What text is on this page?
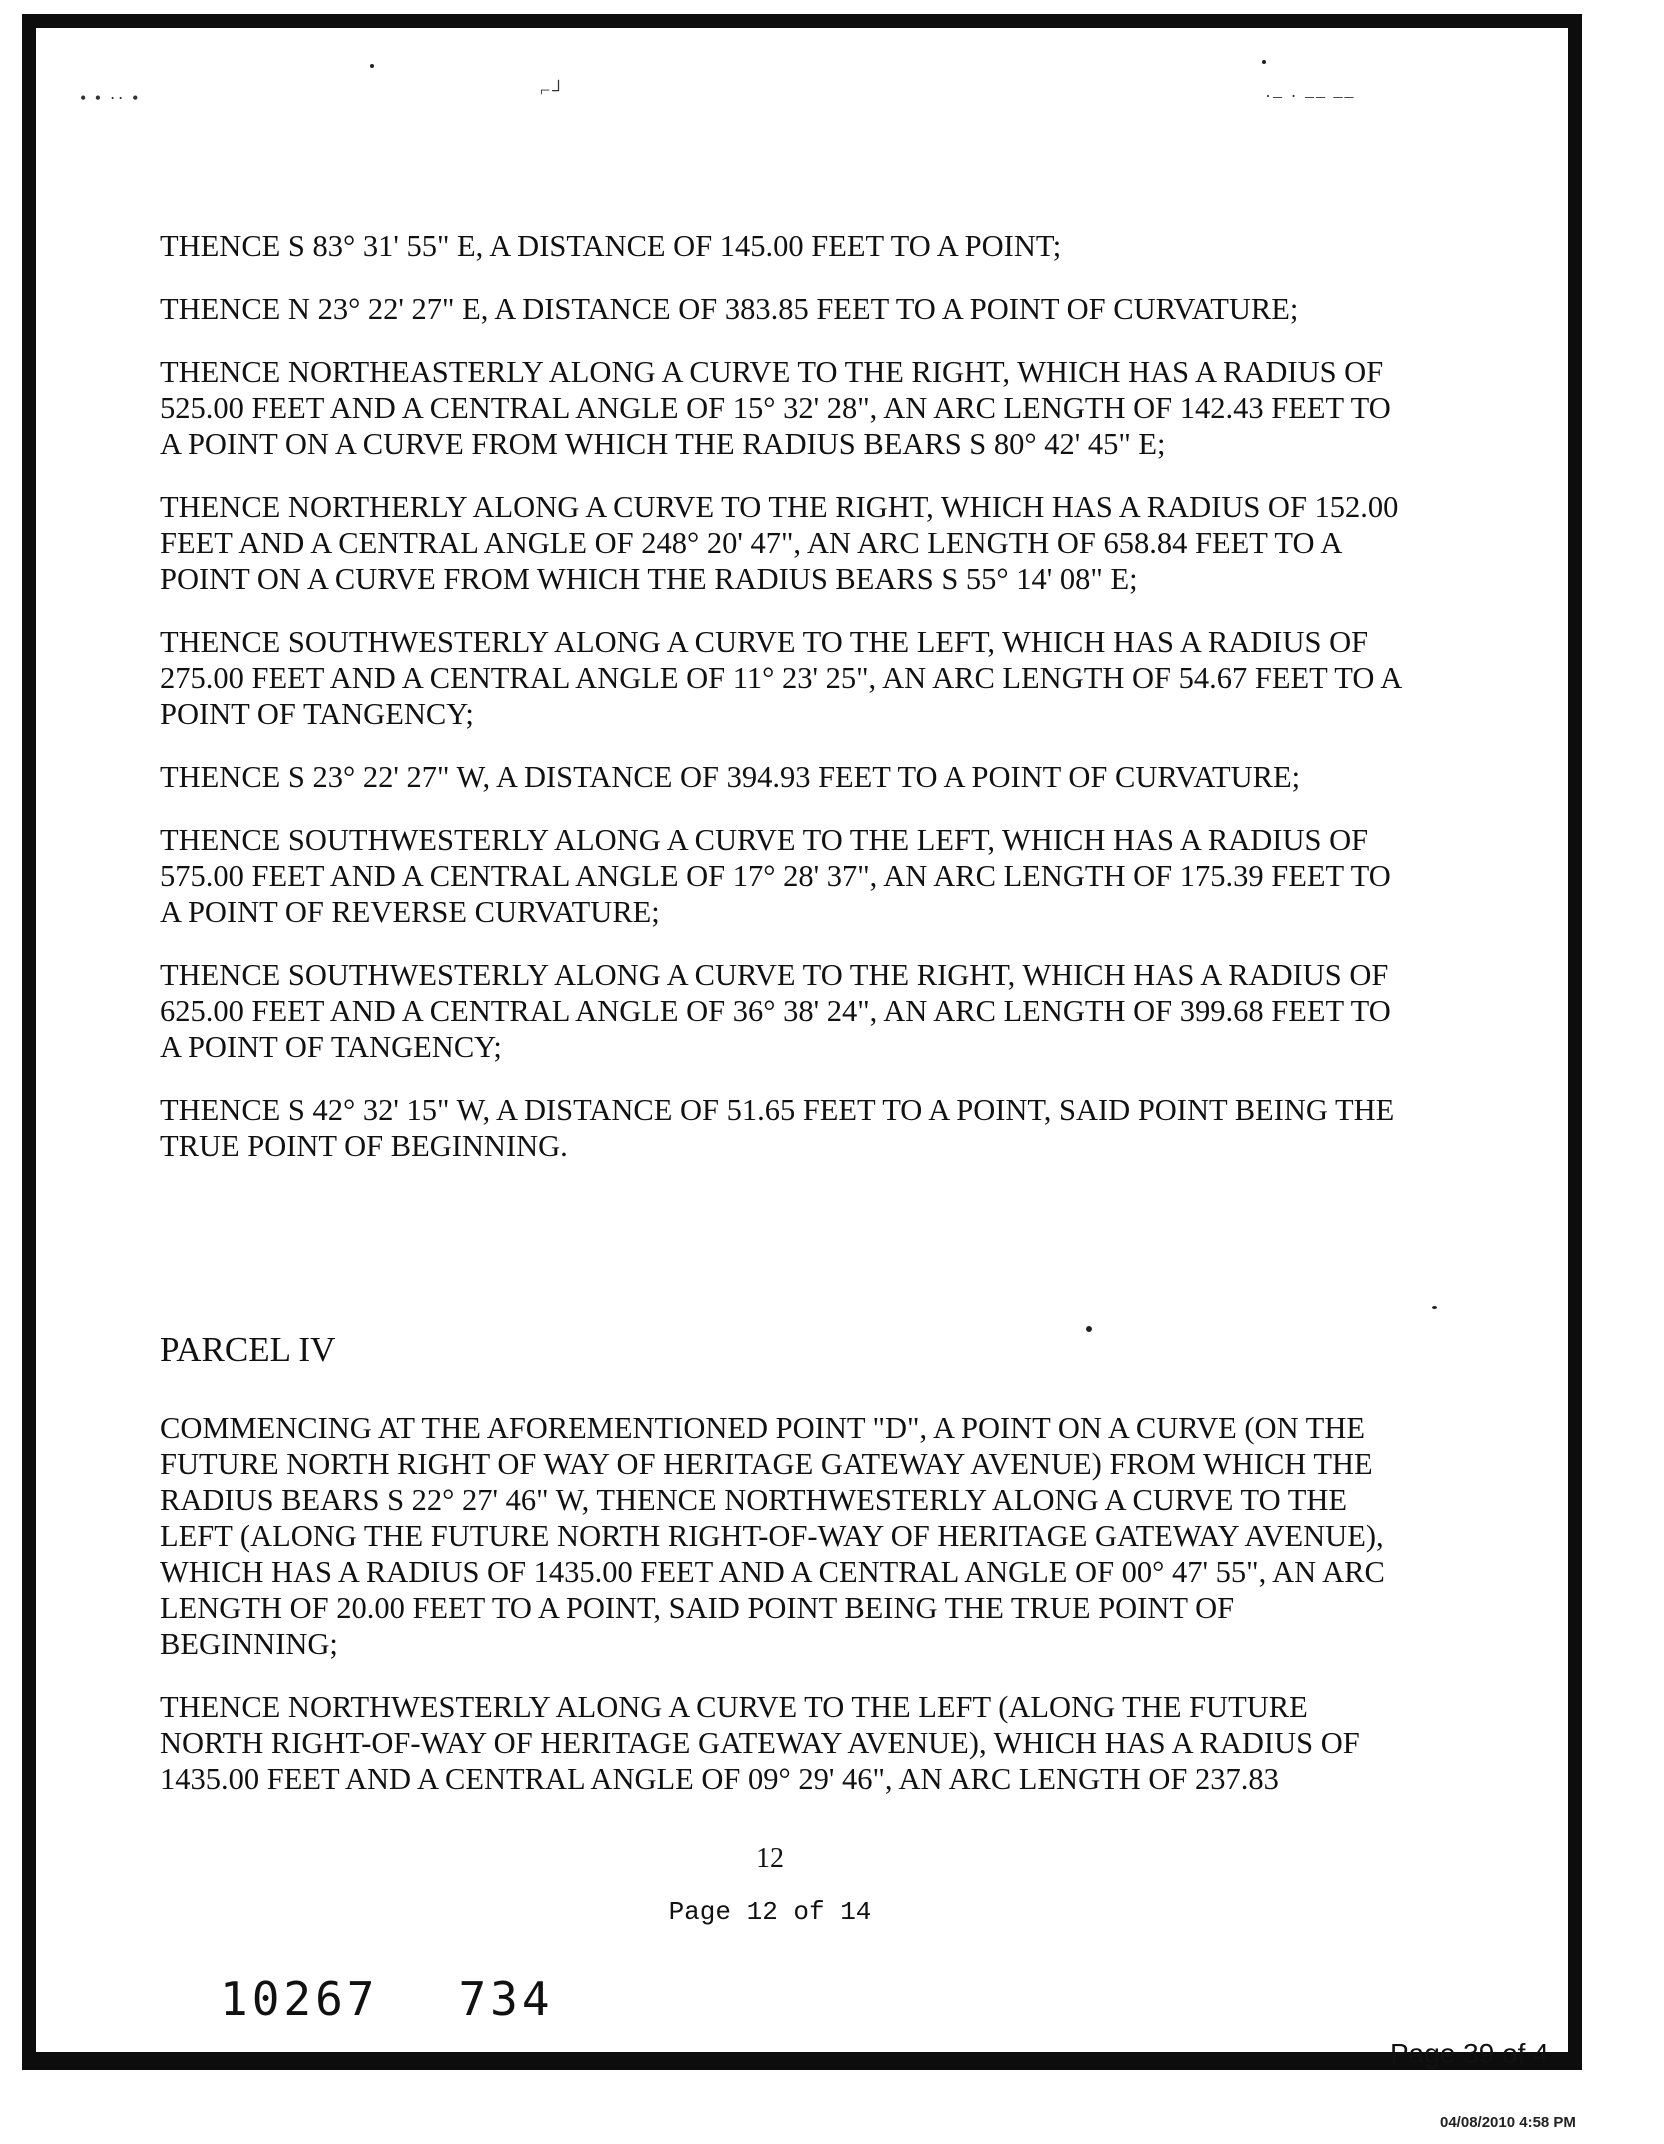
• • ·· •	⌐┘	·‒ · ‒‒ ‒‒

THENCE S 83° 31' 55" E, A DISTANCE OF 145.00 FEET TO A POINT;

THENCE N 23° 22' 27" E, A DISTANCE OF 383.85 FEET TO A POINT OF CURVATURE;

THENCE NORTHEASTERLY ALONG A CURVE TO THE RIGHT, WHICH HAS A RADIUS OF 525.00 FEET AND A CENTRAL ANGLE OF 15° 32' 28", AN ARC LENGTH OF 142.43 FEET TO A POINT ON A CURVE FROM WHICH THE RADIUS BEARS S 80° 42' 45" E;

THENCE NORTHERLY ALONG A CURVE TO THE RIGHT, WHICH HAS A RADIUS OF 152.00 FEET AND A CENTRAL ANGLE OF 248° 20' 47", AN ARC LENGTH OF 658.84 FEET TO A POINT ON A CURVE FROM WHICH THE RADIUS BEARS S 55° 14' 08" E;

THENCE SOUTHWESTERLY ALONG A CURVE TO THE LEFT, WHICH HAS A RADIUS OF 275.00 FEET AND A CENTRAL ANGLE OF 11° 23' 25", AN ARC LENGTH OF 54.67 FEET TO A POINT OF TANGENCY;

THENCE S 23° 22' 27" W, A DISTANCE OF 394.93 FEET TO A POINT OF CURVATURE;

THENCE SOUTHWESTERLY ALONG A CURVE TO THE LEFT, WHICH HAS A RADIUS OF 575.00 FEET AND A CENTRAL ANGLE OF 17° 28' 37", AN ARC LENGTH OF 175.39 FEET TO A POINT OF REVERSE CURVATURE;

THENCE SOUTHWESTERLY ALONG A CURVE TO THE RIGHT, WHICH HAS A RADIUS OF 625.00 FEET AND A CENTRAL ANGLE OF 36° 38' 24", AN ARC LENGTH OF 399.68 FEET TO A POINT OF TANGENCY;

THENCE S 42° 32' 15" W, A DISTANCE OF 51.65 FEET TO A POINT, SAID POINT BEING THE TRUE POINT OF BEGINNING.

PARCEL IV

COMMENCING AT THE AFOREMENTIONED POINT "D", A POINT ON A CURVE (ON THE FUTURE NORTH RIGHT OF WAY OF HERITAGE GATEWAY AVENUE) FROM WHICH THE RADIUS BEARS S 22° 27' 46" W, THENCE NORTHWESTERLY ALONG A CURVE TO THE LEFT (ALONG THE FUTURE NORTH RIGHT-OF-WAY OF HERITAGE GATEWAY AVENUE), WHICH HAS A RADIUS OF 1435.00 FEET AND A CENTRAL ANGLE OF 00° 47' 55", AN ARC LENGTH OF 20.00 FEET TO A POINT, SAID POINT BEING THE TRUE POINT OF BEGINNING;

THENCE NORTHWESTERLY ALONG A CURVE TO THE LEFT (ALONG THE FUTURE NORTH RIGHT-OF-WAY OF HERITAGE GATEWAY AVENUE), WHICH HAS A RADIUS OF 1435.00 FEET AND A CENTRAL ANGLE OF 09° 29' 46", AN ARC LENGTH OF 237.83

12
Page 12 of 14
10267 734
Page 39 of 4
04/08/2010 4:58 PM
